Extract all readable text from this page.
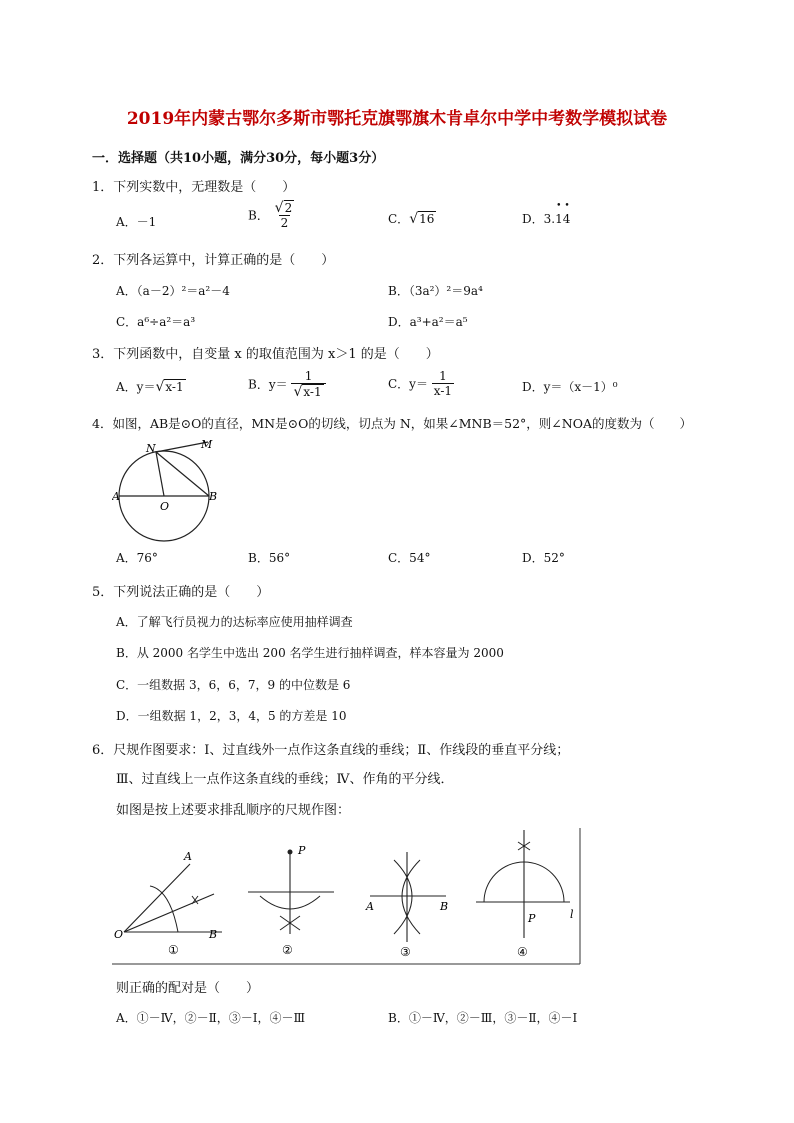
2019年内蒙古鄂尔多斯市鄂托克旗鄂旗木肯卓尔中学中考数学模拟试卷
一．选择题（共10小题，满分30分，每小题3分）
1．下列实数中，无理数是（　　）
A．－1	B． $\frac{√2}{2}$	C．√16	D．3.
••
14
2．下列各运算中，计算正确的是（　　）
A．（a－2）²＝a²－4	B．（3a²）²＝9a⁴
C．a⁶÷a²＝a³	D．a³+a²＝a⁵
3．下列函数中，自变量 x 的取值范围为 x＞1 的是（　　）
A．y＝√x-1	B．$y= \frac{1}{√x-1}$	C．$y= \frac{1}{x-1}$	D．y＝（x－1）⁰
4．如图，AB是⊙O的直径，MN是⊙O的切线，切点为 N，如果∠MNB＝52°，则∠NOA的度数为（　　）
N	M
A	B
O
A．76°	B．56°	C．54°	D．52°
5．下列说法正确的是（　　）
A．了解飞行员视力的达标率应使用抽样调查
B．从 2000 名学生中选出 200 名学生进行抽样调查，样本容量为 2000
C．一组数据 3，6，6，7，9 的中位数是 6
D．一组数据 1，2，3，4，5 的方差是 10
6．尺规作图要求：Ⅰ、过直线外一点作这条直线的垂线；Ⅱ、作线段的垂直平分线；
Ⅲ、过直线上一点作这条直线的垂线；Ⅳ、作角的平分线．
如图是按上述要求排乱顺序的尺规作图：
A
O	B
①
P
②
A	B
③
P	l
④
则正确的配对是（　　）
A．①－Ⅳ，②－Ⅱ，③－Ⅰ，④－Ⅲ	B．①－Ⅳ，②－Ⅲ，③－Ⅱ，④－Ⅰ
